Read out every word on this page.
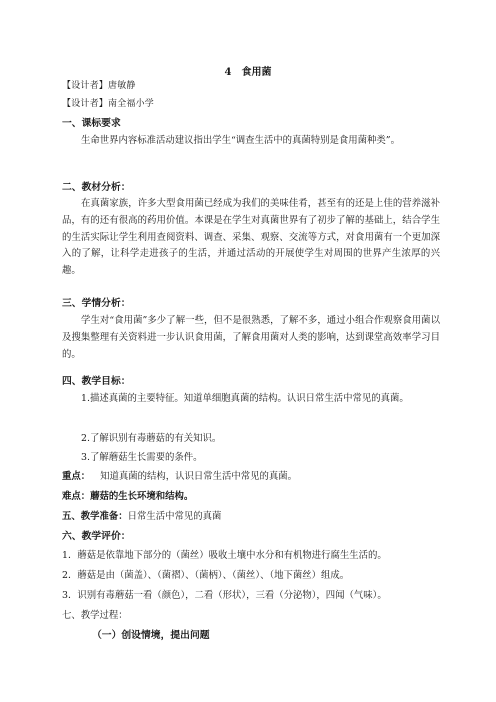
4　食用菌
【设计者】唐敏静
【设计者】南全福小学
一、课标要求
生命世界内容标准活动建议指出学生“调查生活中的真菌特别是食用菌种类”。
二、教材分析：
在真菌家族，许多大型食用菌已经成为我们的美味佳肴，甚至有的还是上佳的营养滋补品，有的还有很高的药用价值。本课是在学生对真菌世界有了初步了解的基础上，结合学生的生活实际让学生利用查阅资料、调查、采集、观察、交流等方式，对食用菌有一个更加深入的了解，让科学走进孩子的生活，并通过活动的开展使学生对周围的世界产生浓厚的兴趣。
三、学情分析：
学生对“食用菌”多少了解一些，但不是很熟悉，了解不多，通过小组合作观察食用菌以及搜集整理有关资料进一步认识食用菌，了解食用菌对人类的影响，达到课堂高效率学习目的。
四、教学目标：
1.描述真菌的主要特征。知道单细胞真菌的结构。认识日常生活中常见的真菌。
2.了解识别有毒蘑菇的有关知识。
3.了解蘑菇生长需要的条件。
重点： 知道真菌的结构，认识日常生活中常见的真菌。
难点：蘑菇的生长环境和结构。
五、教学准备：日常生活中常见的真菌
六、教学评价：
1．蘑菇是依靠地下部分的（菌丝）吸收土壤中水分和有机物进行腐生生活的。
2．蘑菇是由（菌盖）、（菌褶）、（菌柄）、（菌丝）、（地下菌丝）组成。
3．识别有毒蘑菇一看（颜色），二看（形状），三看（分泌物），四闻（气味）。
七、教学过程：
（一）创设情境，提出问题
